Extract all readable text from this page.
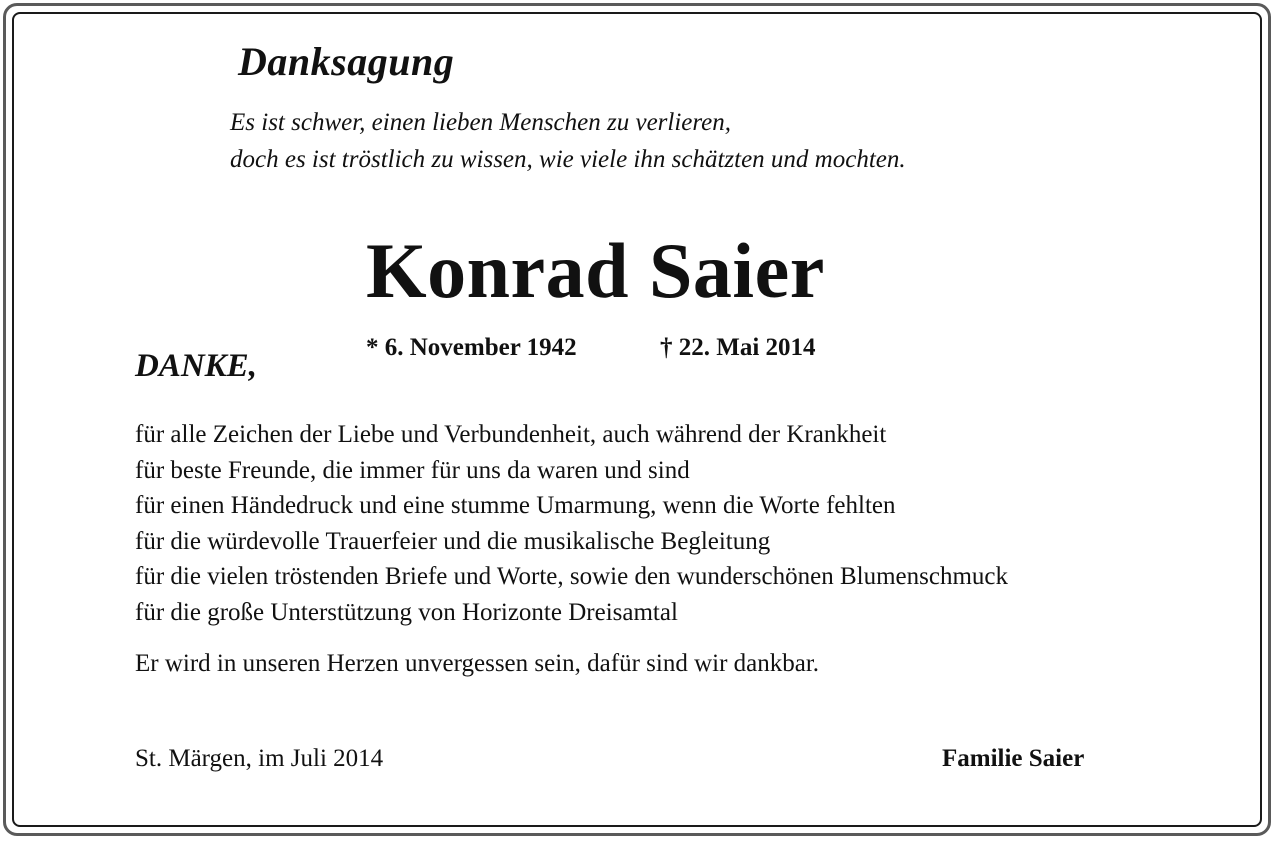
Danksagung
Es ist schwer, einen lieben Menschen zu verlieren,
doch es ist tröstlich zu wissen, wie viele ihn schätzten und mochten.
Konrad Saier
* 6. November 1942	† 22. Mai 2014
DANKE,
für alle Zeichen der Liebe und Verbundenheit, auch während der Krankheit
für beste Freunde, die immer für uns da waren und sind
für einen Händedruck und eine stumme Umarmung, wenn die Worte fehlten
für die würdevolle Trauerfeier und die musikalische Begleitung
für die vielen tröstenden Briefe und Worte, sowie den wunderschönen Blumenschmuck
für die große Unterstützung von Horizonte Dreisamtal
Er wird in unseren Herzen unvergessen sein, dafür sind wir dankbar.
St. Märgen, im Juli 2014	Familie Saier
